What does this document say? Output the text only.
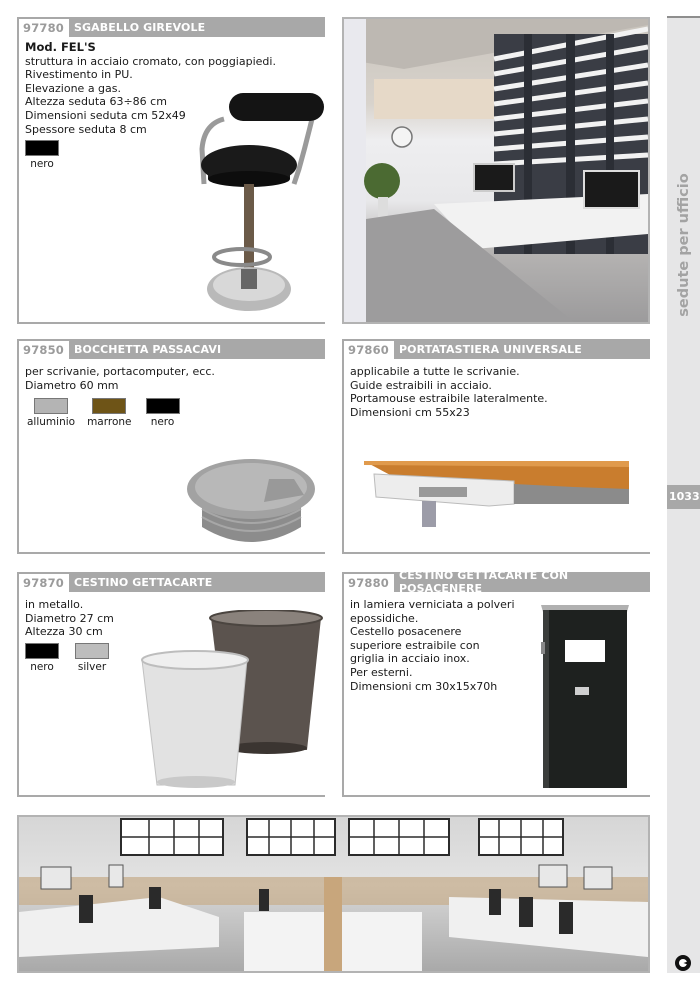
sedute per ufficio
1033
97780 SGABELLO GIREVOLE
Mod. FEL'S
struttura in acciaio cromato, con poggiapiedi.
Rivestimento in PU.
Elevazione a gas.
Altezza seduta 63÷86 cm
Dimensioni seduta cm 52x49
Spessore seduta 8 cm
nero
97850 BOCCHETTA PASSACAVI
per scrivanie, portacomputer, ecc.
Diametro 60 mm
alluminio marrone nero
97860 PORTATASTIERA UNIVERSALE
applicabile a tutte le scrivanie.
Guide estraibili in acciaio.
Portamouse estraibile lateralmente.
Dimensioni cm 55x23
97870 CESTINO GETTACARTE
in metallo.
Diametro 27 cm
Altezza 30 cm
nero silver
97880
CESTINO GETTACARTE CON POSACENERE
in lamiera verniciata a polveri
epossidiche.
Cestello posacenere
superiore estraibile con
griglia in acciaio inox.
Per esterni.
Dimensioni cm 30x15x70h
